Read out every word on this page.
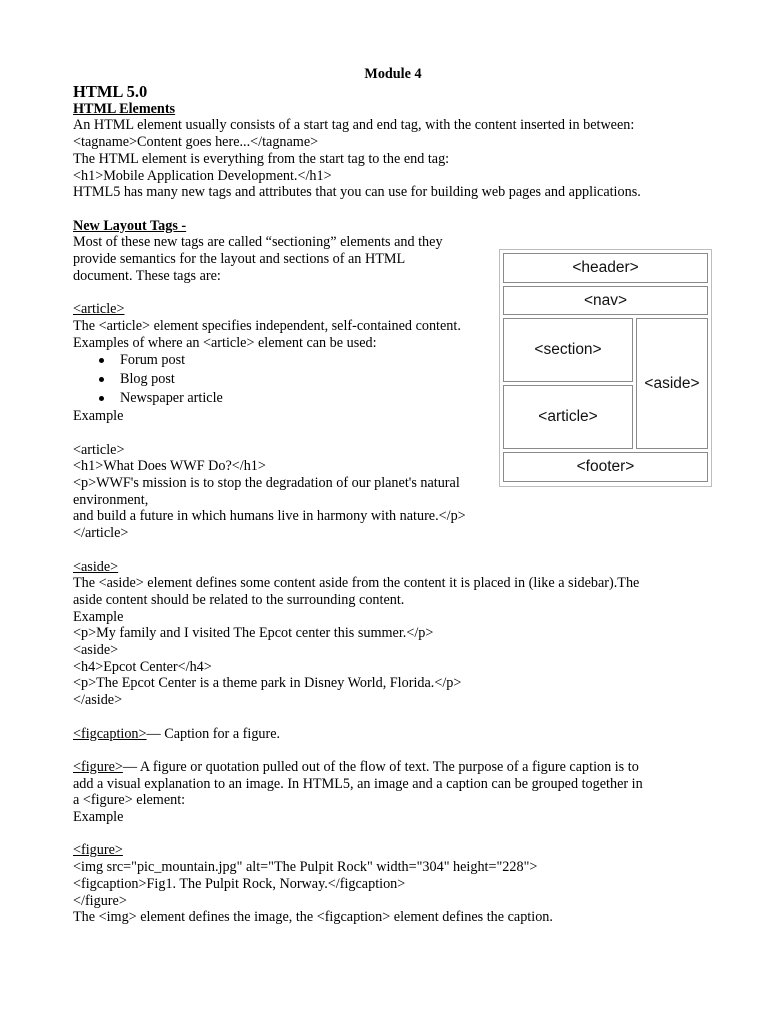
Module 4
HTML 5.0
HTML Elements
An HTML element usually consists of a start tag and end tag, with the content inserted in between:
<tagname>Content goes here...</tagname>
The HTML element is everything from the start tag to the end tag:
<h1>Mobile Application Development.</h1>
HTML5 has many new tags and attributes that you can use for building web pages and applications.
New Layout Tags -
Most of these new tags are called “sectioning” elements and they
provide semantics for the layout and sections of an HTML
document. These tags are:
<article>
The <article> element specifies independent, self-contained content.
Examples of where an <article> element can be used:
Forum post
Blog post
Newspaper article
Example
<article>
<h1>What Does WWF Do?</h1>
<p>WWF's mission is to stop the degradation of our planet's natural
environment,
and build a future in which humans live in harmony with nature.</p>
</article>
<aside>
The <aside> element defines some content aside from the content it is placed in (like a sidebar).The
aside content should be related to the surrounding content.
Example
<p>My family and I visited The Epcot center this summer.</p>
<aside>
<h4>Epcot Center</h4>
<p>The Epcot Center is a theme park in Disney World, Florida.</p>
</aside>
<figcaption>— Caption for a figure.
<figure>— A figure or quotation pulled out of the flow of text. The purpose of a figure caption is to
add a visual explanation to an image. In HTML5, an image and a caption can be grouped together in
a <figure> element:
Example
<figure>
<img src="pic_mountain.jpg" alt="The Pulpit Rock" width="304" height="228">
<figcaption>Fig1. The Pulpit Rock, Norway.</figcaption>
</figure>
The <img> element defines the image, the <figcaption> element defines the caption.
<header>
<nav>
<section>
<aside>
<article>
<footer>
